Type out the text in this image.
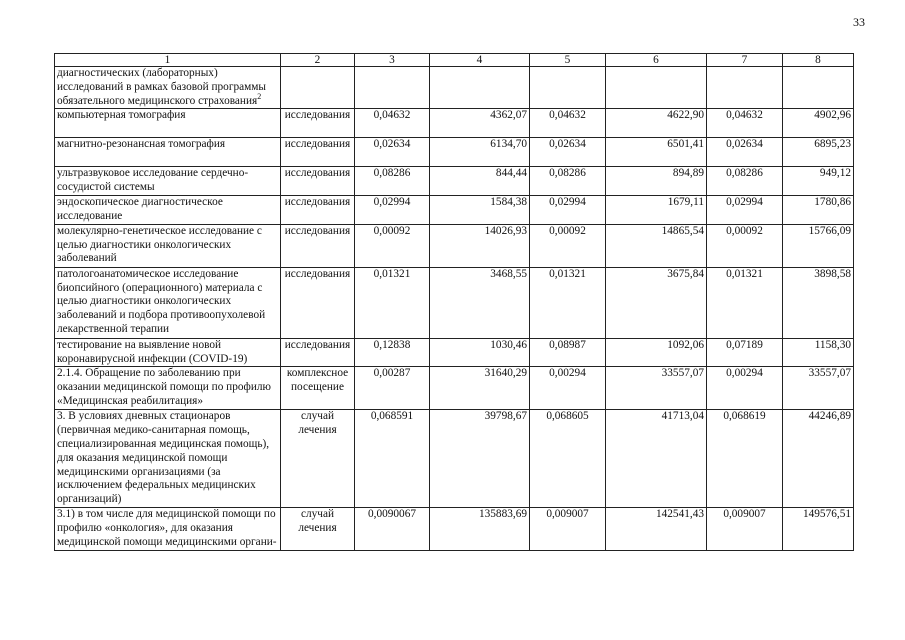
33
1	2	3	4	5	6	7	8
диагностических (лабораторных) исследований в рамках базовой программы обязательного медицинского страхования$^2$							
компьютерная томография	исследования	0,04632	4362,07	0,04632	4622,90	0,04632	4902,96
магнитно-резонансная томография	исследования	0,02634	6134,70	0,02634	6501,41	0,02634	6895,23
ультразвуковое исследование сердечно-сосудистой системы	исследования	0,08286	844,44	0,08286	894,89	0,08286	949,12
эндоскопическое диагностическое исследование	исследования	0,02994	1584,38	0,02994	1679,11	0,02994	1780,86
молекулярно-генетическое исследование с целью диагностики онкологических заболеваний	исследования	0,00092	14026,93	0,00092	14865,54	0,00092	15766,09
патологоанатомическое исследование биопсийного (операционного) материала с целью диагностики онкологических заболеваний и подбора противоопухолевой лекарственной терапии	исследования	0,01321	3468,55	0,01321	3675,84	0,01321	3898,58
тестирование на выявление новой коронавирусной инфекции (COVID-19)	исследования	0,12838	1030,46	0,08987	1092,06	0,07189	1158,30
2.1.4. Обращение по заболеванию при оказании медицинской помощи по профилю «Медицинская реабилитация»	комплексное посещение	0,00287	31640,29	0,00294	33557,07	0,00294	33557,07
3. В условиях дневных стационаров (первичная медико-санитарная помощь, специализированная медицинская помощь), для оказания медицинской помощи медицинскими организациями (за исключением федеральных медицинских организаций)	случай лечения	0,068591	39798,67	0,068605	41713,04	0,068619	44246,89
3.1) в том числе для медицинской помощи по профилю «онкология», для оказания медицинской помощи медицинскими органи-	случай лечения	0,0090067	135883,69	0,009007	142541,43	0,009007	149576,51
